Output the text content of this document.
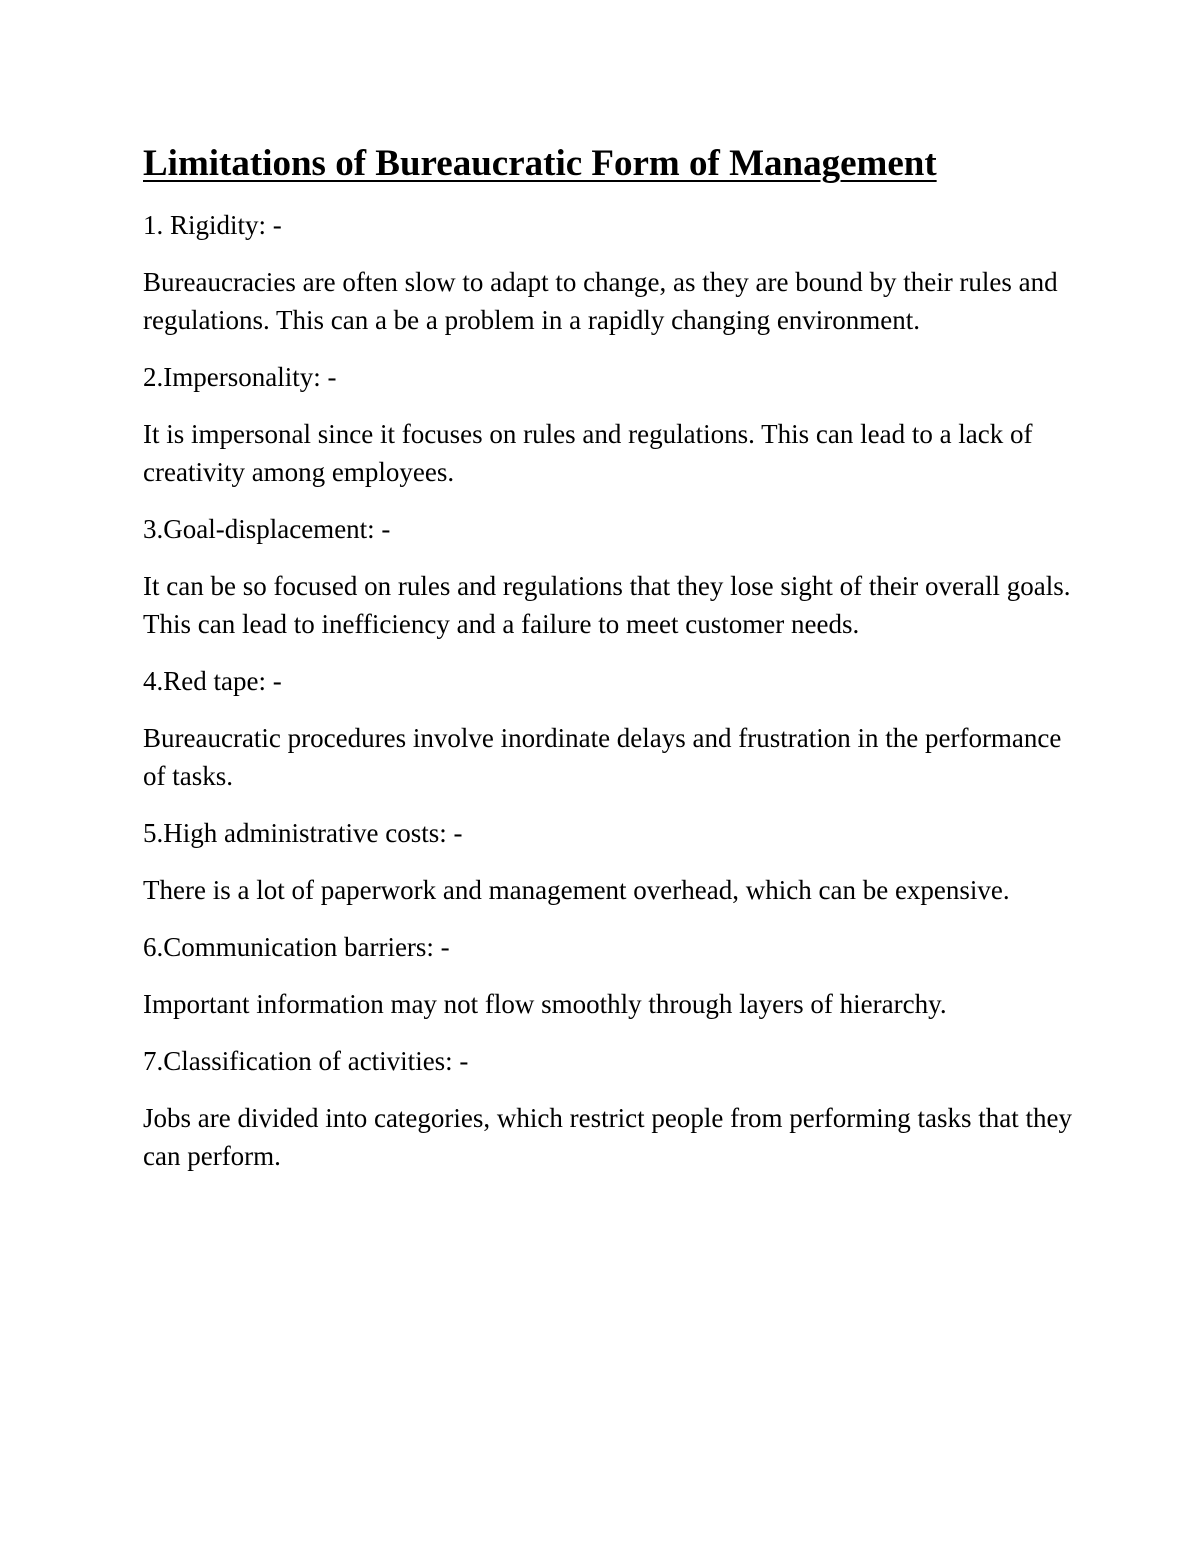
Limitations of Bureaucratic Form of Management

1. Rigidity: -

Bureaucracies are often slow to adapt to change, as they are bound by their rules and regulations. This can a be a problem in a rapidly changing environment.

2.Impersonality: -

It is impersonal since it focuses on rules and regulations. This can lead to a lack of creativity among employees.

3.Goal-displacement: -

It can be so focused on rules and regulations that they lose sight of their overall goals. This can lead to inefficiency and a failure to meet customer needs.

4.Red tape: -

Bureaucratic procedures involve inordinate delays and frustration in the performance of tasks.

5.High administrative costs: -

There is a lot of paperwork and management overhead, which can be expensive.

6.Communication barriers: -

Important information may not flow smoothly through layers of hierarchy.

7.Classification of activities: -

Jobs are divided into categories, which restrict people from performing tasks that they can perform.
